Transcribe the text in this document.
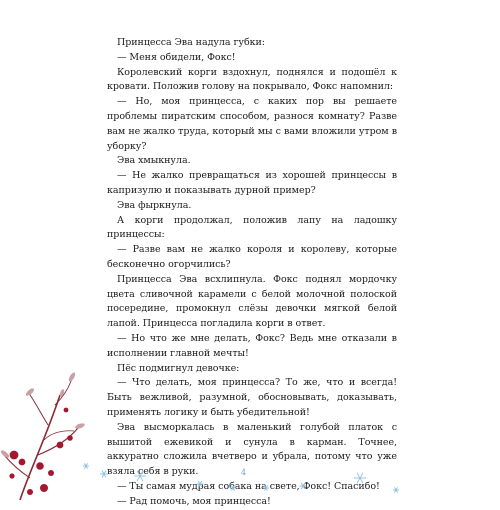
Принцесса Эва надула губки:

— Меня обидели, Фокс!

Королевский корги вздохнул, поднялся и подошёл к кровати. Положив голову на покрывало, Фокс напомнил:

— Но, моя принцесса, с каких пор вы решаете проблемы пиратским способом, разнося комнату? Разве вам не жалко труда, который мы с вами вложили утром в уборку?

Эва хмыкнула.

— Не жалко превращаться из хорошей принцессы в капризулю и показывать дурной пример?

Эва фыркнула.

А корги продолжал, положив лапу на ладошку принцессы:

— Разве вам не жалко короля и королеву, которые бесконечно огорчились?

Принцесса Эва всхлипнула. Фокс поднял мордочку цвета сливочной карамели с белой молочной полоской посередине, промокнул слёзы девочки мягкой белой лапой. Принцесса погладила корги в ответ.

— Но что же мне делать, Фокс? Ведь мне отказали в исполнении главной мечты!

Пёс подмигнул девочке:

— Что делать, моя принцесса? То же, что и всегда! Быть вежливой, разумной, обосновывать, доказывать, применять логику и быть убедительной!

Эва высморкалась в маленький голубой платок с вышитой ежевикой и сунула в карман. Точнее, аккуратно сложила вчетверо и убрала, потому что уже взяла себя в руки.

— Ты самая мудрая собака на свете, Фокс! Спасибо!

— Рад помочь, моя принцесса!

4
